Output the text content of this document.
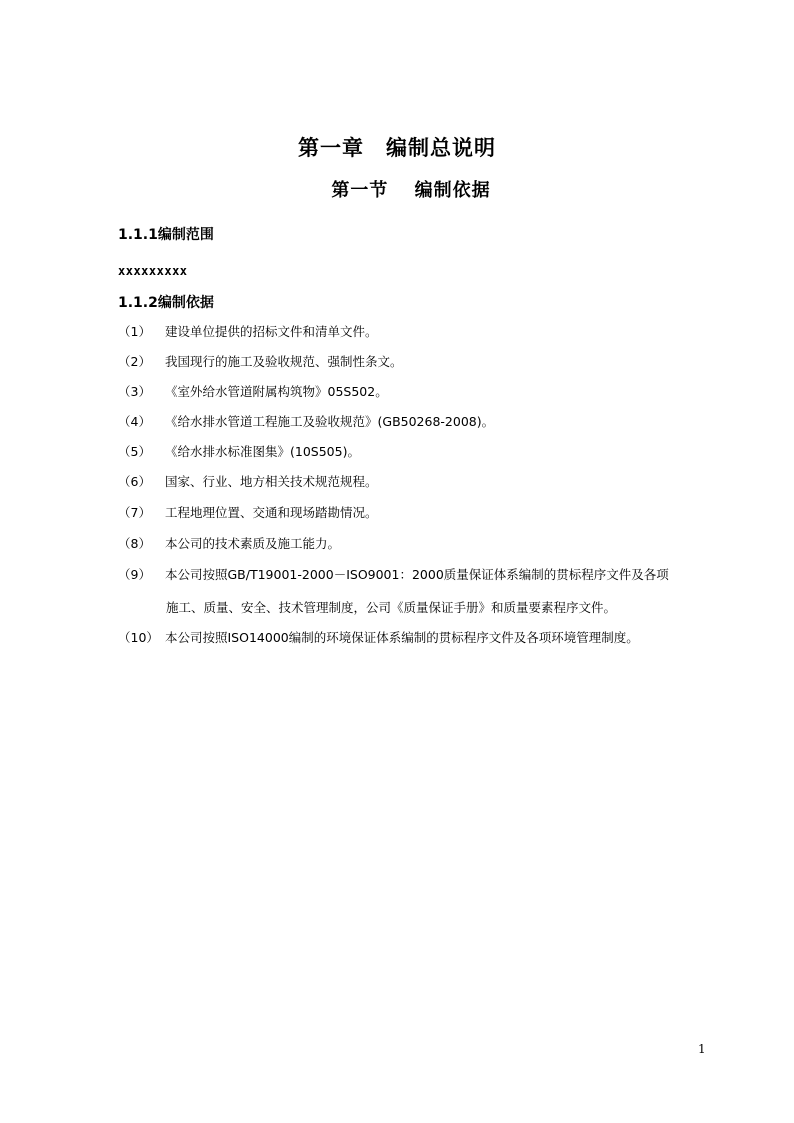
第一章　编制总说明
第一节　 编制依据
1.1.1编制范围
xxxxxxxxx
1.1.2编制依据
（1） 建设单位提供的招标文件和清单文件。
（2） 我国现行的施工及验收规范、强制性条文。
（3） 《室外给水管道附属构筑物》05S502。
（4） 《给水排水管道工程施工及验收规范》(GB50268-2008)。
（5） 《给水排水标准图集》(10S505)。
（6） 国家、行业、地方相关技术规范规程。
（7） 工程地理位置、交通和现场踏勘情况。
（8） 本公司的技术素质及施工能力。
（9） 本公司按照GB/T19001-2000－ISO9001：2000质量保证体系编制的贯标程序文件及各项
施工、质量、安全、技术管理制度，公司《质量保证手册》和质量要素程序文件。
（10） 本公司按照ISO14000编制的环境保证体系编制的贯标程序文件及各项环境管理制度。
1
